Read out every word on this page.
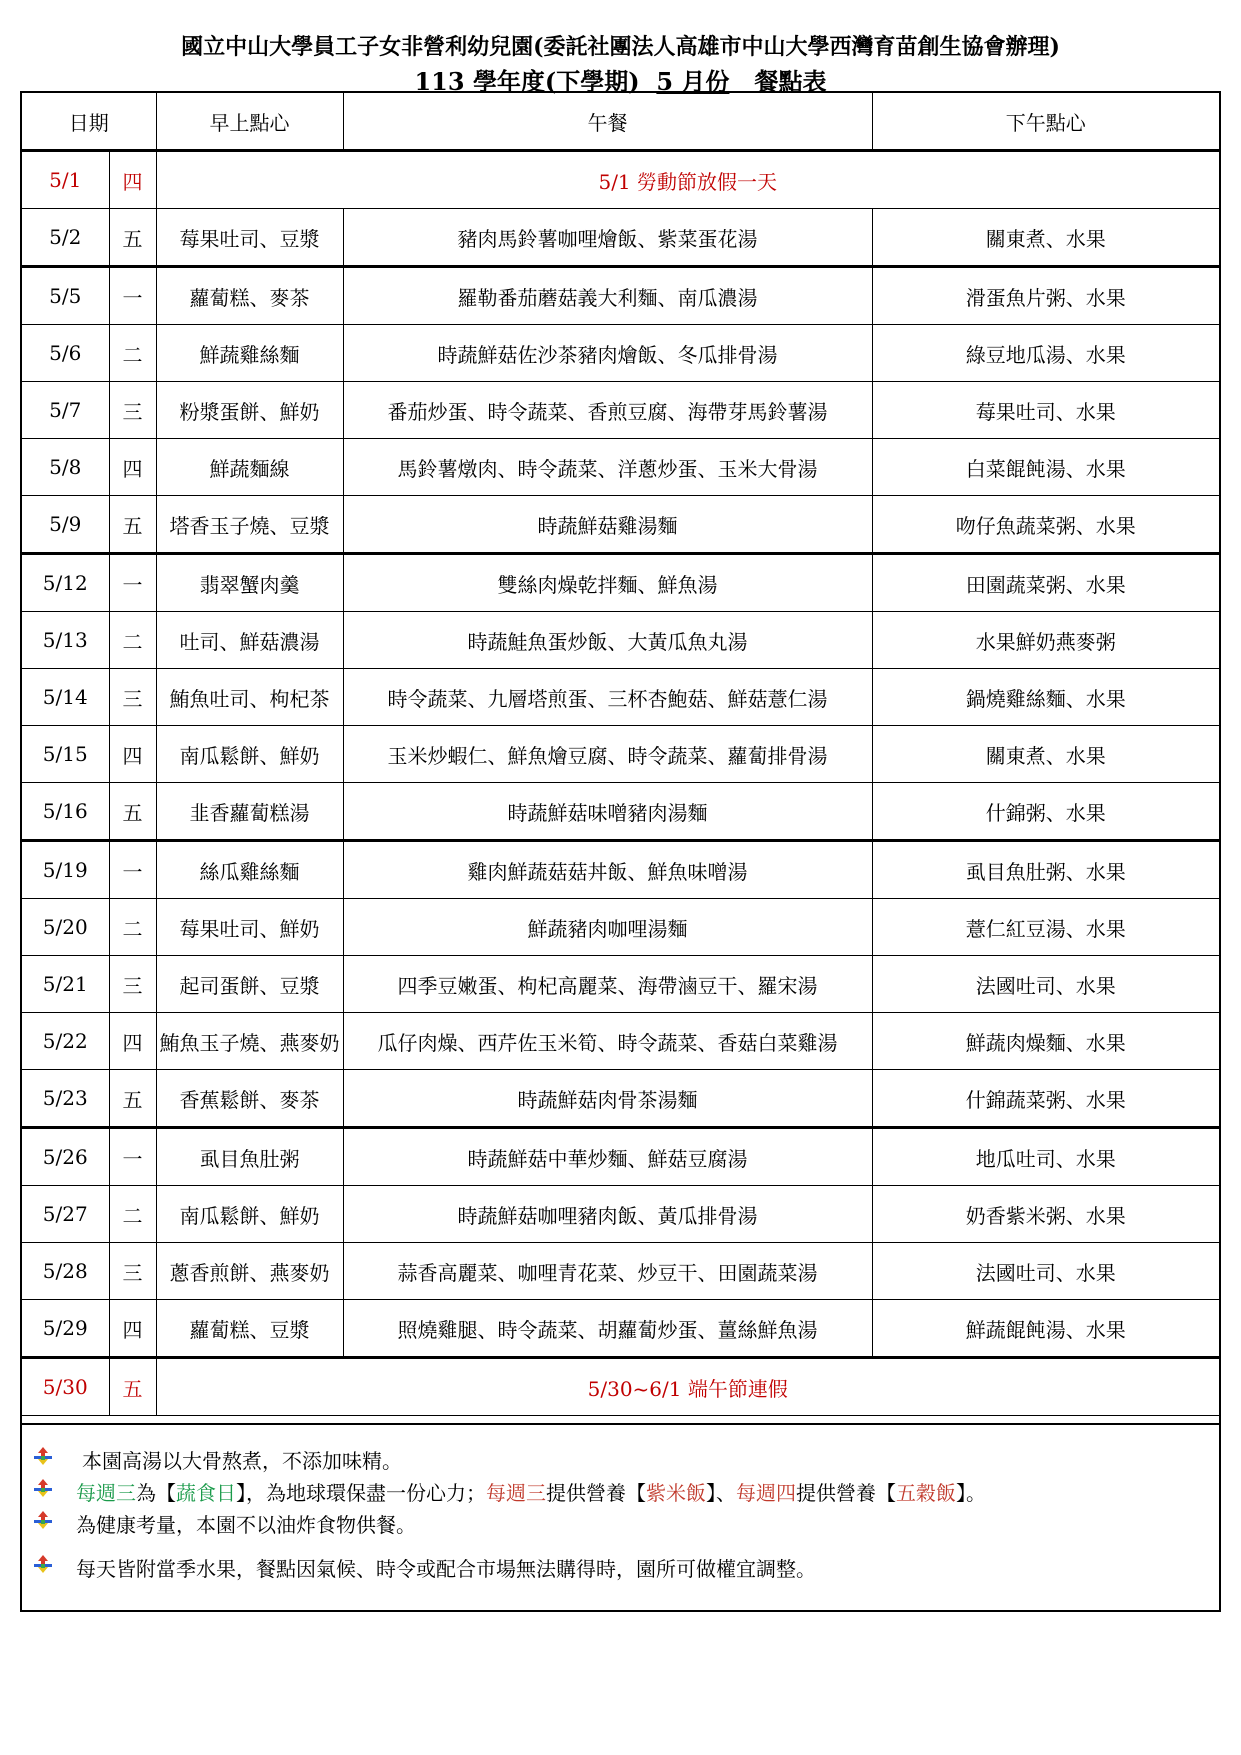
國立中山大學員工子女非營利幼兒園(委託社團法人高雄市中山大學西灣育苗創生協會辦理)
113 學年度(下學期) 5 月份 餐點表
日期		早上點心	午餐	下午點心
5/1	四	5/1 勞動節放假一天		
5/2	五	莓果吐司、豆漿	豬肉馬鈴薯咖哩燴飯、紫菜蛋花湯	關東煮、水果
5/5	一	蘿蔔糕、麥茶	羅勒番茄蘑菇義大利麵、南瓜濃湯	滑蛋魚片粥、水果
5/6	二	鮮蔬雞絲麵	時蔬鮮菇佐沙茶豬肉燴飯、冬瓜排骨湯	綠豆地瓜湯、水果
5/7	三	粉漿蛋餅、鮮奶	番茄炒蛋、時令蔬菜、香煎豆腐、海帶芽馬鈴薯湯	莓果吐司、水果
5/8	四	鮮蔬麵線	馬鈴薯燉肉、時令蔬菜、洋蔥炒蛋、玉米大骨湯	白菜餛飩湯、水果
5/9	五	塔香玉子燒、豆漿	時蔬鮮菇雞湯麵	吻仔魚蔬菜粥、水果
5/12	一	翡翠蟹肉羹	雙絲肉燥乾拌麵、鮮魚湯	田園蔬菜粥、水果
5/13	二	吐司、鮮菇濃湯	時蔬鮭魚蛋炒飯、大黃瓜魚丸湯	水果鮮奶燕麥粥
5/14	三	鮪魚吐司、枸杞茶	時令蔬菜、九層塔煎蛋、三杯杏鮑菇、鮮菇薏仁湯	鍋燒雞絲麵、水果
5/15	四	南瓜鬆餅、鮮奶	玉米炒蝦仁、鮮魚燴豆腐、時令蔬菜、蘿蔔排骨湯	關東煮、水果
5/16	五	韭香蘿蔔糕湯	時蔬鮮菇味噌豬肉湯麵	什錦粥、水果
5/19	一	絲瓜雞絲麵	雞肉鮮蔬菇菇丼飯、鮮魚味噌湯	虱目魚肚粥、水果
5/20	二	莓果吐司、鮮奶	鮮蔬豬肉咖哩湯麵	薏仁紅豆湯、水果
5/21	三	起司蛋餅、豆漿	四季豆嫩蛋、枸杞高麗菜、海帶滷豆干、羅宋湯	法國吐司、水果
5/22	四	鮪魚玉子燒、燕麥奶	瓜仔肉燥、西芹佐玉米筍、時令蔬菜、香菇白菜雞湯	鮮蔬肉燥麵、水果
5/23	五	香蕉鬆餅、麥茶	時蔬鮮菇肉骨茶湯麵	什錦蔬菜粥、水果
5/26	一	虱目魚肚粥	時蔬鮮菇中華炒麵、鮮菇豆腐湯	地瓜吐司、水果
5/27	二	南瓜鬆餅、鮮奶	時蔬鮮菇咖哩豬肉飯、黃瓜排骨湯	奶香紫米粥、水果
5/28	三	蔥香煎餅、燕麥奶	蒜香高麗菜、咖哩青花菜、炒豆干、田園蔬菜湯	法國吐司、水果
5/29	四	蘿蔔糕、豆漿	照燒雞腿、時令蔬菜、胡蘿蔔炒蛋、薑絲鮮魚湯	鮮蔬餛飩湯、水果
5/30	五	5/30~6/1 端午節連假		
本園高湯以大骨熬煮，不添加味精。
每週三為【蔬食日】，為地球環保盡一份心力；每週三提供營養【紫米飯】、每週四提供營養【五穀飯】。
為健康考量，本園不以油炸食物供餐。
每天皆附當季水果，餐點因氣候、時令或配合市場無法購得時，園所可做權宜調整。
